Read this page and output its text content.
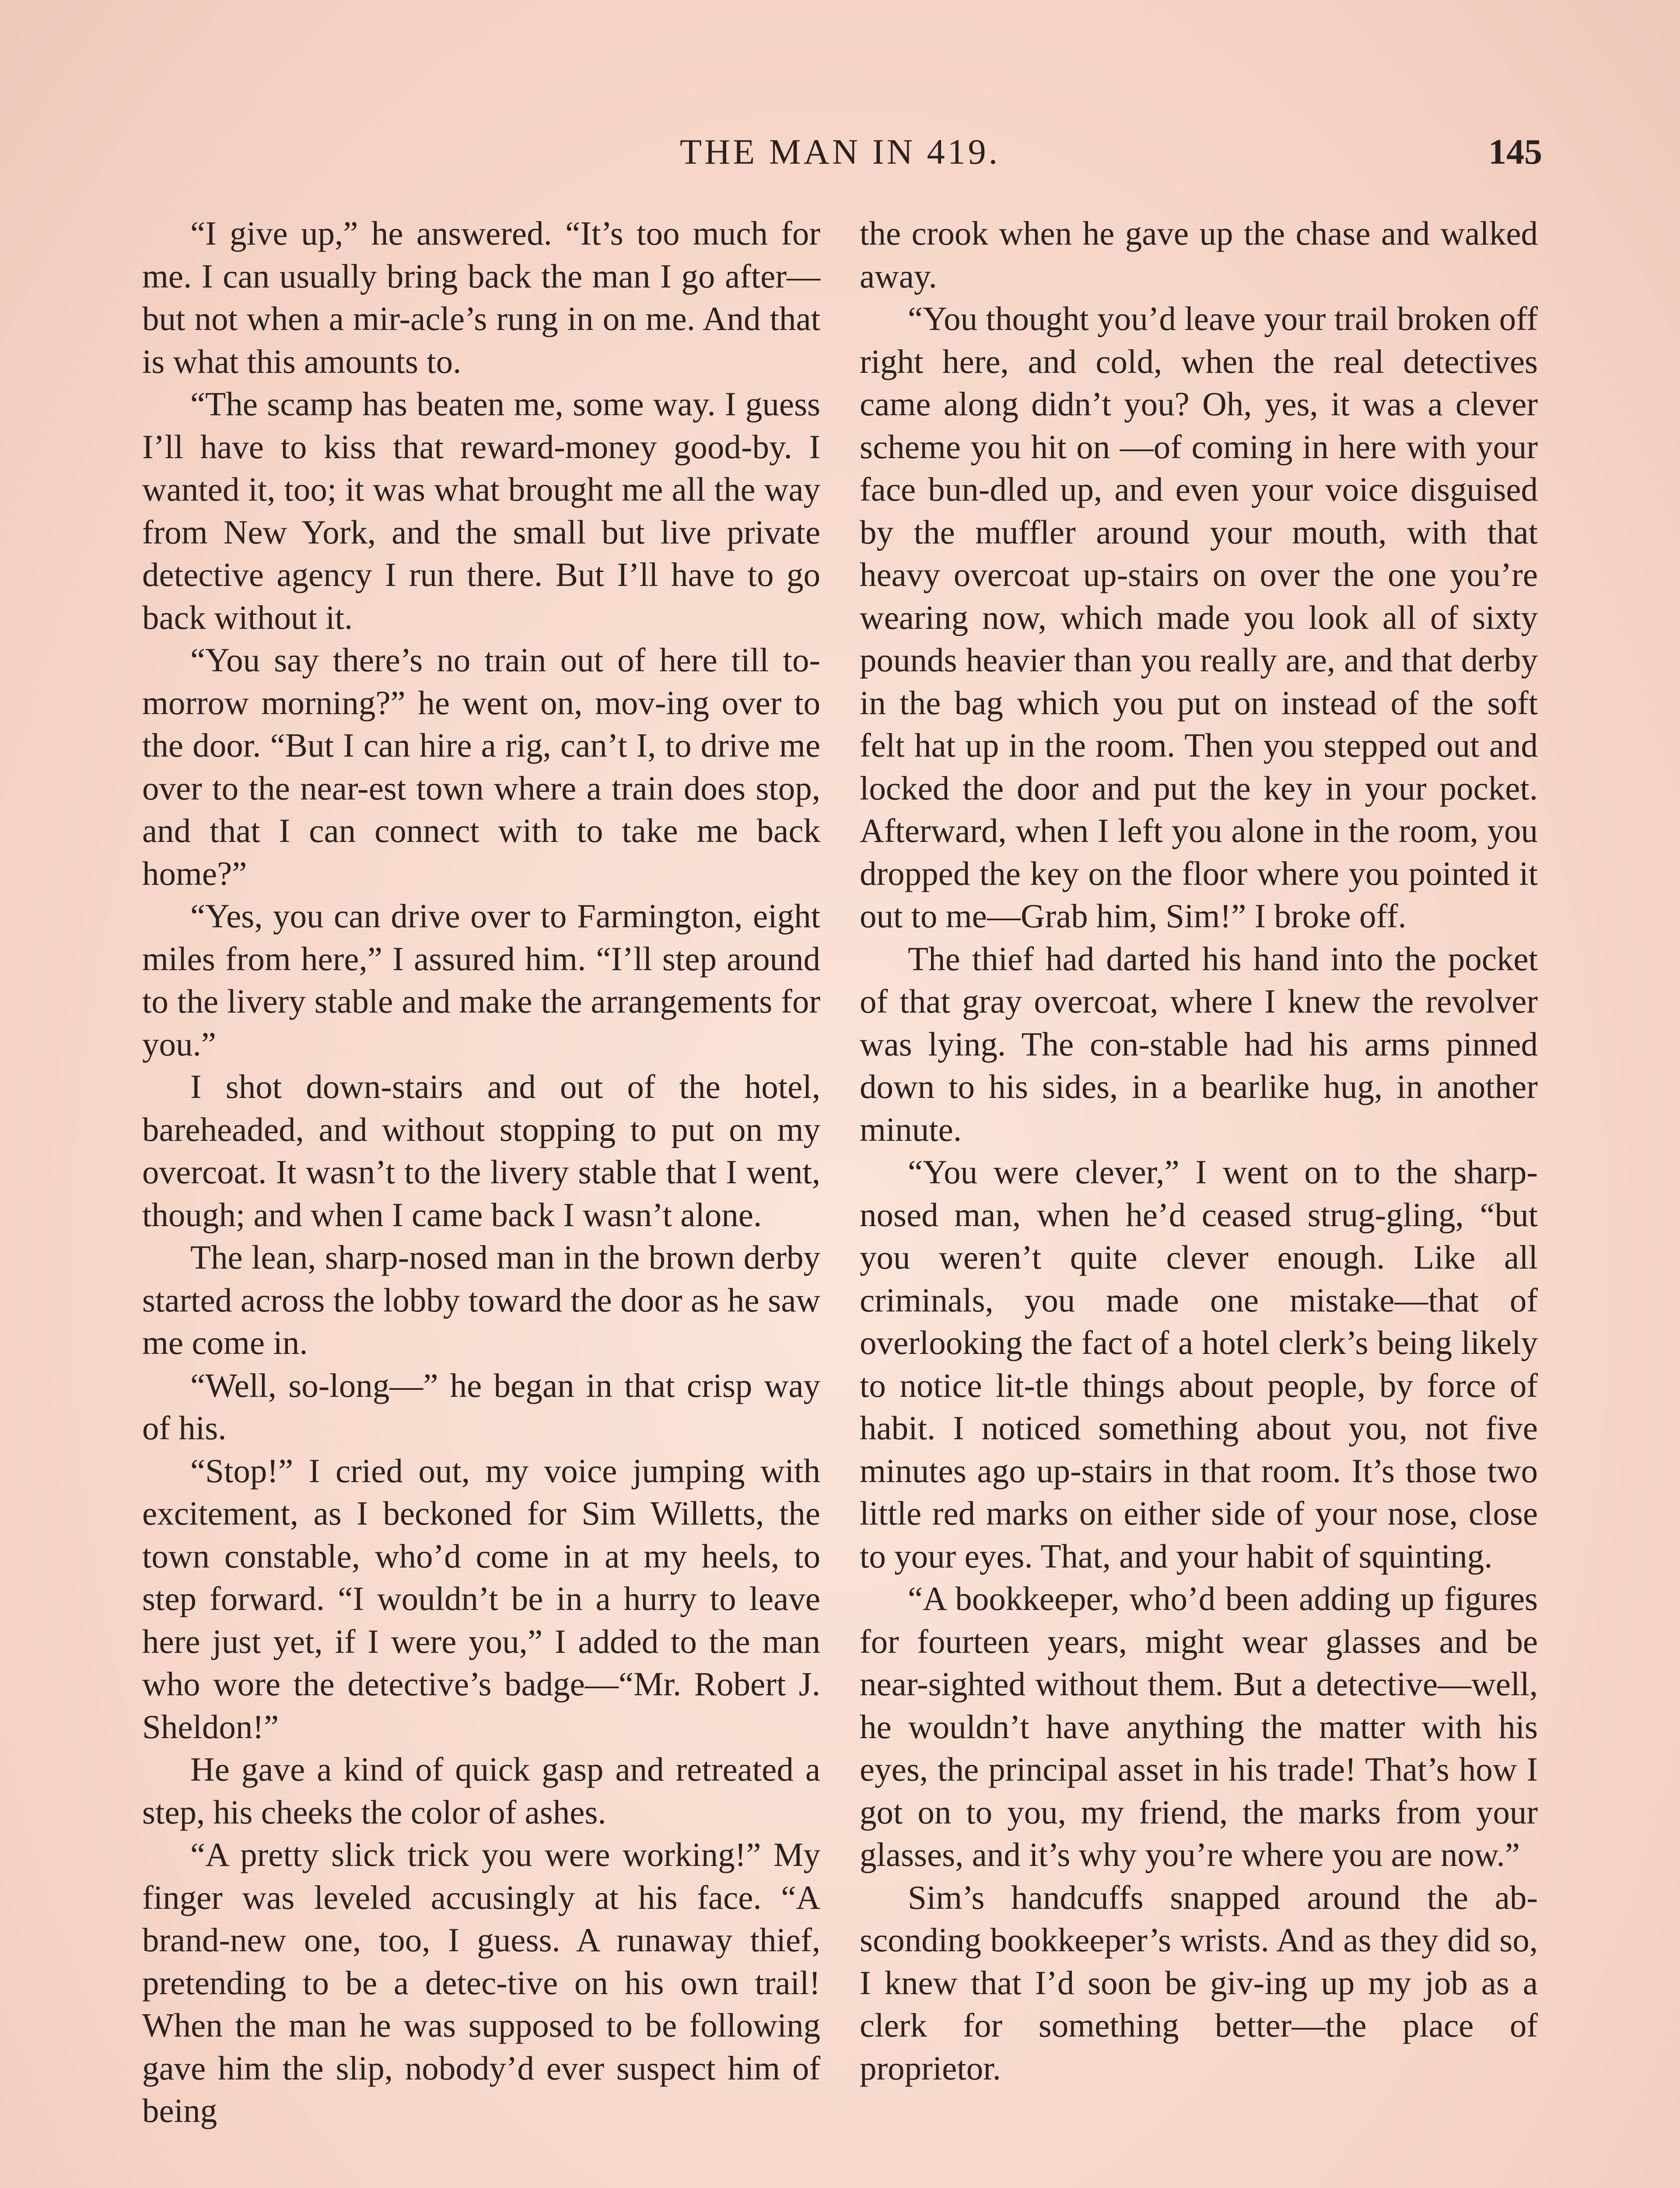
THE MAN IN 419.	145

“I give up,” he answered. “It’s too much for me. I can usually bring back the man I go after—but not when a mir-acle’s rung in on me. And that is what this amounts to.

“The scamp has beaten me, some way. I guess I’ll have to kiss that reward-money good-by. I wanted it, too; it was what brought me all the way from New York, and the small but live private detective agency I run there. But I’ll have to go back without it.

“You say there’s no train out of here till to-morrow morning?” he went on, mov-ing over to the door. “But I can hire a rig, can’t I, to drive me over to the near-est town where a train does stop, and that I can connect with to take me back home?”

“Yes, you can drive over to Farmington, eight miles from here,” I assured him. “I’ll step around to the livery stable and make the arrangements for you.”

I shot down-stairs and out of the hotel, bareheaded, and without stopping to put on my overcoat. It wasn’t to the livery stable that I went, though; and when I came back I wasn’t alone.

The lean, sharp-nosed man in the brown derby started across the lobby toward the door as he saw me come in.

“Well, so-long—” he began in that crisp way of his.

“Stop!” I cried out, my voice jumping with excitement, as I beckoned for Sim Willetts, the town constable, who’d come in at my heels, to step forward. “I wouldn’t be in a hurry to leave here just yet, if I were you,” I added to the man who wore the detective’s badge—“Mr. Robert J. Sheldon!”

He gave a kind of quick gasp and retreated a step, his cheeks the color of ashes.

“A pretty slick trick you were working!” My finger was leveled accusingly at his face. “A brand-new one, too, I guess. A runaway thief, pretending to be a detec-tive on his own trail! When the man he was supposed to be following gave him the slip, nobody’d ever suspect him of being

the crook when he gave up the chase and walked away.

“You thought you’d leave your trail broken off right here, and cold, when the real detectives came along didn’t you? Oh, yes, it was a clever scheme you hit on —of coming in here with your face bun-dled up, and even your voice disguised by the muffler around your mouth, with that heavy overcoat up-stairs on over the one you’re wearing now, which made you look all of sixty pounds heavier than you really are, and that derby in the bag which you put on instead of the soft felt hat up in the room. Then you stepped out and locked the door and put the key in your pocket. Afterward, when I left you alone in the room, you dropped the key on the floor where you pointed it out to me—Grab him, Sim!” I broke off.

The thief had darted his hand into the pocket of that gray overcoat, where I knew the revolver was lying. The con-stable had his arms pinned down to his sides, in a bearlike hug, in another minute.

“You were clever,” I went on to the sharp-nosed man, when he’d ceased strug-gling, “but you weren’t quite clever enough. Like all criminals, you made one mistake—that of overlooking the fact of a hotel clerk’s being likely to notice lit-tle things about people, by force of habit. I noticed something about you, not five minutes ago up-stairs in that room. It’s those two little red marks on either side of your nose, close to your eyes. That, and your habit of squinting.

“A bookkeeper, who’d been adding up figures for fourteen years, might wear glasses and be near-sighted without them. But a detective—well, he wouldn’t have anything the matter with his eyes, the principal asset in his trade! That’s how I got on to you, my friend, the marks from your glasses, and it’s why you’re where you are now.”

Sim’s handcuffs snapped around the ab-sconding bookkeeper’s wrists. And as they did so, I knew that I’d soon be giv-ing up my job as a clerk for something better—the place of proprietor.
